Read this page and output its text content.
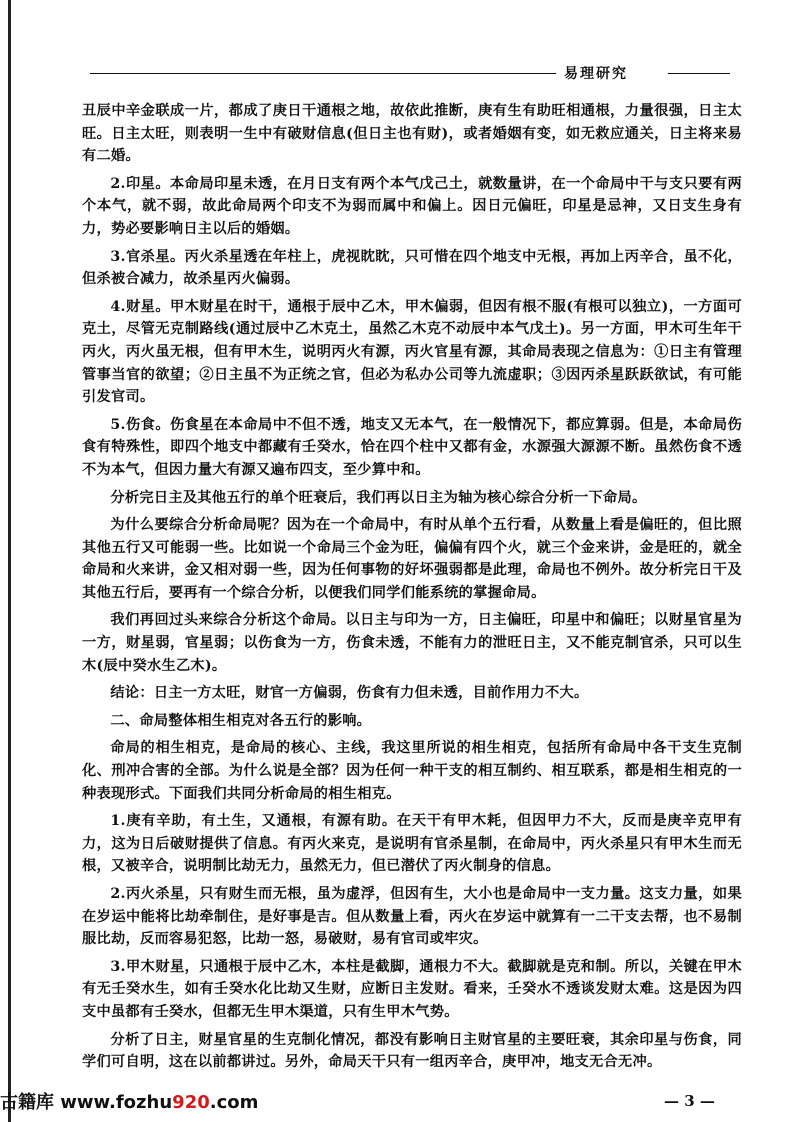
易理研究

丑辰中辛金联成一片，都成了庚日干通根之地，故依此推断，庚有生有助旺相通根，力量很强，日主太旺。日主太旺，则表明一生中有破财信息(但日主也有财)，或者婚姻有变，如无救应通关，日主将来易有二婚。

2.印星。本命局印星未透，在月日支有两个本气戊己土，就数量讲，在一个命局中干与支只要有两个本气，就不弱，故此命局两个印支不为弱而属中和偏上。因日元偏旺，印星是忌神，又日支生身有力，势必要影响日主以后的婚姻。

3.官杀星。丙火杀星透在年柱上，虎视眈眈，只可惜在四个地支中无根，再加上丙辛合，虽不化，但杀被合减力，故杀星丙火偏弱。

4.财星。甲木财星在时干，通根于辰中乙木，甲木偏弱，但因有根不服(有根可以独立)，一方面可克土，尽管无克制路线(通过辰中乙木克土，虽然乙木克不动辰中本气戊土)。另一方面，甲木可生年干丙火，丙火虽无根，但有甲木生，说明丙火有源，丙火官星有源，其命局表现之信息为：①日主有管理管事当官的欲望；②日主虽不为正统之官，但必为私办公司等九流虚职；③因丙杀星跃跃欲试，有可能引发官司。

5.伤食。伤食星在本命局中不但不透，地支又无本气，在一般情况下，都应算弱。但是，本命局伤食有特殊性，即四个地支中都藏有壬癸水，恰在四个柱中又都有金，水源强大源源不断。虽然伤食不透不为本气，但因力量大有源又遍布四支，至少算中和。

分析完日主及其他五行的单个旺衰后，我们再以日主为轴为核心综合分析一下命局。

为什么要综合分析命局呢？因为在一个命局中，有时从单个五行看，从数量上看是偏旺的，但比照其他五行又可能弱一些。比如说一个命局三个金为旺，偏偏有四个火，就三个金来讲，金是旺的，就全命局和火来讲，金又相对弱一些，因为任何事物的好坏强弱都是此理，命局也不例外。故分析完日干及其他五行后，要再有一个综合分析，以便我们同学们能系统的掌握命局。

我们再回过头来综合分析这个命局。以日主与印为一方，日主偏旺，印星中和偏旺；以财星官星为一方，财星弱，官星弱；以伤食为一方，伤食未透，不能有力的泄旺日主，又不能克制官杀，只可以生木(辰中癸水生乙木)。

结论：日主一方太旺，财官一方偏弱，伤食有力但未透，目前作用力不大。

二、命局整体相生相克对各五行的影响。

命局的相生相克，是命局的核心、主线，我这里所说的相生相克，包括所有命局中各干支生克制化、刑冲合害的全部。为什么说是全部？因为任何一种干支的相互制约、相互联系，都是相生相克的一种表现形式。下面我们共同分析命局的相生相克。

1.庚有辛助，有土生，又通根，有源有助。在天干有甲木耗，但因甲力不大，反而是庚辛克甲有力，这为日后破财提供了信息。有丙火来克，是说明有官杀星制，在命局中，丙火杀星只有甲木生而无根，又被辛合，说明制比劫无力，虽然无力，但已潜伏了丙火制身的信息。

2.丙火杀星，只有财生而无根，虽为虚浮，但因有生，大小也是命局中一支力量。这支力量，如果在岁运中能将比劫牵制住，是好事是吉。但从数量上看，丙火在岁运中就算有一二干支去帮，也不易制服比劫，反而容易犯怒，比劫一怒，易破财，易有官司或牢灾。

3.甲木财星，只通根于辰中乙木，本柱是截脚，通根力不大。截脚就是克和制。所以，关键在甲木有无壬癸水生，如有壬癸水化比劫又生财，应断日主发财。看来，壬癸水不透谈发财太难。这是因为四支中虽都有壬癸水，但都无生甲木渠道，只有生甲木气势。

分析了日主，财星官星的生克制化情况，都没有影响日主财官星的主要旺衰，其余印星与伤食，同学们可自明，这在以前都讲过。另外，命局天干只有一组丙辛合，庚甲冲，地支无合无冲。

— 3 —
古籍库 www.fozhu920.com
